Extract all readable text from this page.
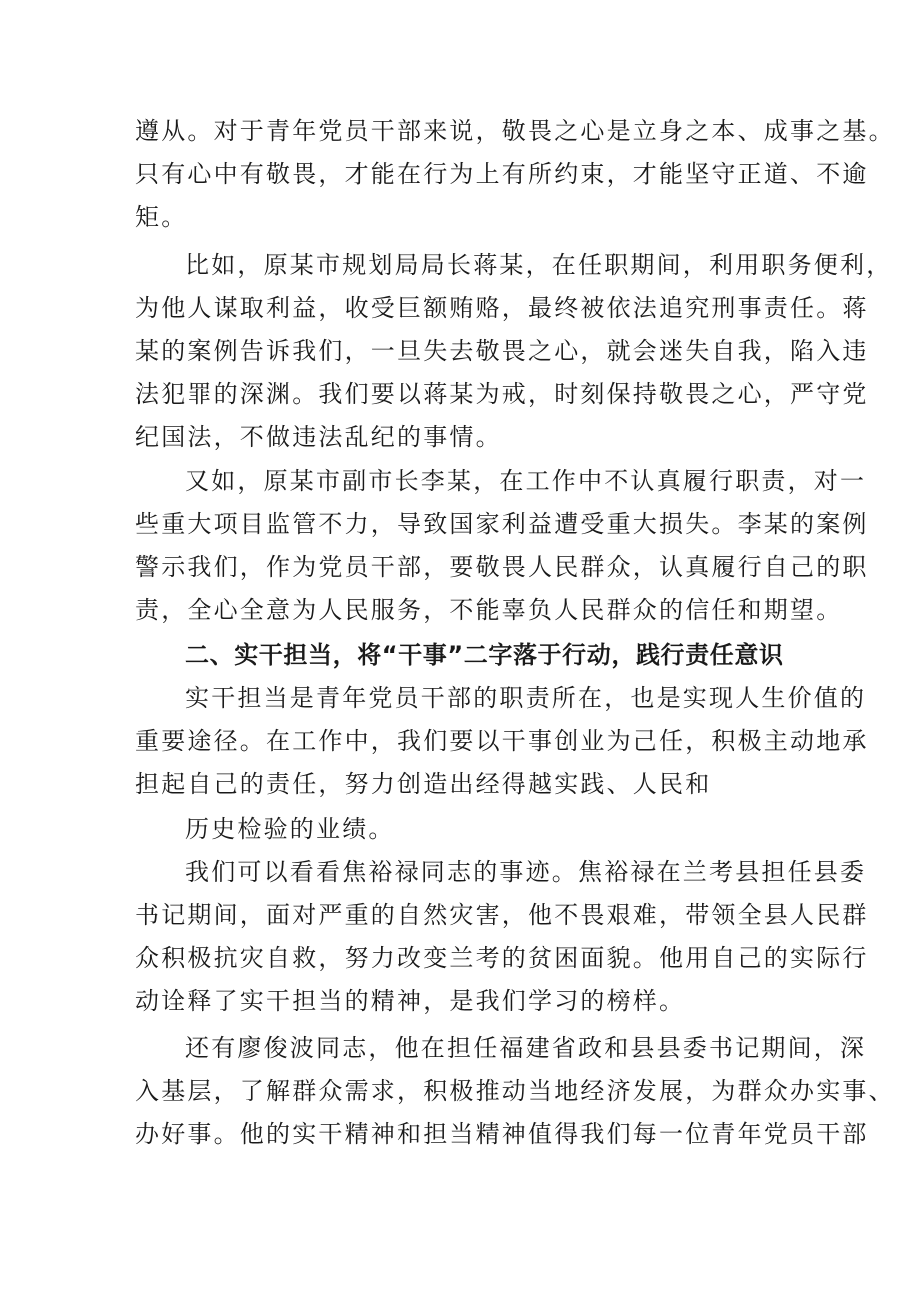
遵从。对于青年党员干部来说，敬畏之心是立身之本、成事之基。
只有心中有敬畏，才能在行为上有所约束，才能坚守正道、不逾
矩。
比如，原某市规划局局长蒋某，在任职期间，利用职务便利，
为他人谋取利益，收受巨额贿赂，最终被依法追究刑事责任。蒋
某的案例告诉我们，一旦失去敬畏之心，就会迷失自我，陷入违
法犯罪的深渊。我们要以蒋某为戒，时刻保持敬畏之心，严守党
纪国法，不做违法乱纪的事情。
又如，原某市副市长李某，在工作中不认真履行职责，对一
些重大项目监管不力，导致国家利益遭受重大损失。李某的案例
警示我们，作为党员干部，要敬畏人民群众，认真履行自己的职
责，全心全意为人民服务，不能辜负人民群众的信任和期望。
二、实干担当，将“干事”二字落于行动，践行责任意识
实干担当是青年党员干部的职责所在，也是实现人生价值的
重要途径。在工作中，我们要以干事创业为己任，积极主动地承
担起自己的责任，努力创造出经得越实践、人民和
历史检验的业绩。
我们可以看看焦裕禄同志的事迹。焦裕禄在兰考县担任县委
书记期间，面对严重的自然灾害，他不畏艰难，带领全县人民群
众积极抗灾自救，努力改变兰考的贫困面貌。他用自己的实际行
动诠释了实干担当的精神，是我们学习的榜样。
还有廖俊波同志，他在担任福建省政和县县委书记期间，深
入基层，了解群众需求，积极推动当地经济发展，为群众办实事、
办好事。他的实干精神和担当精神值得我们每一位青年党员干部
